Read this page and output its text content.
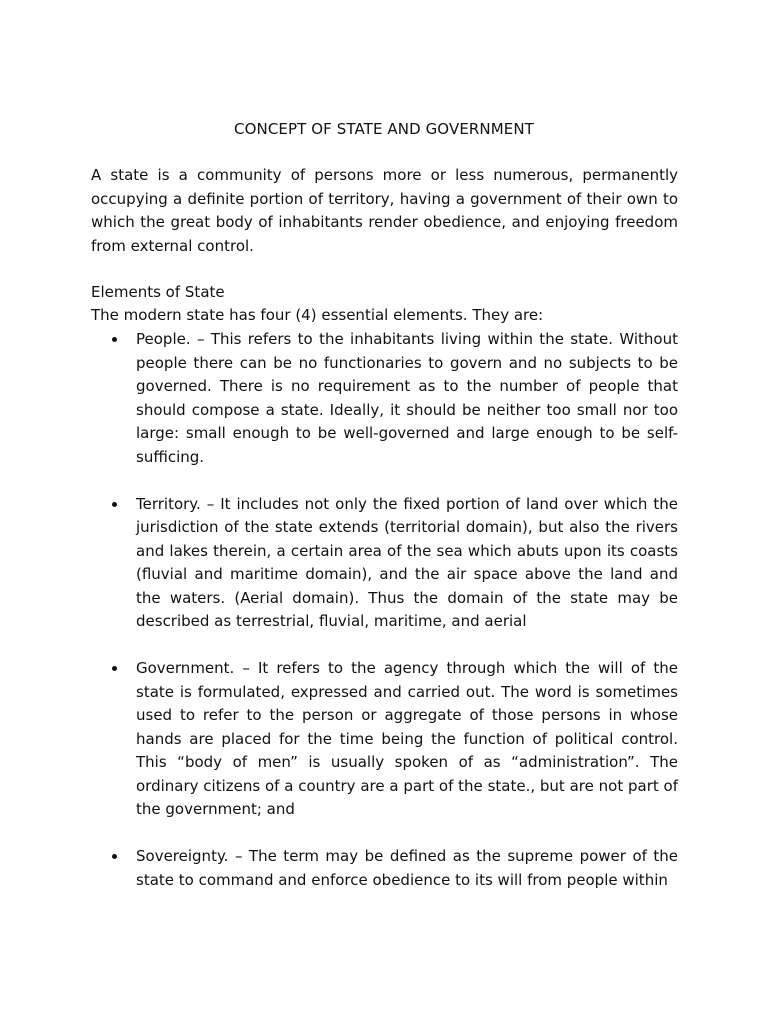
CONCEPT OF STATE AND GOVERNMENT

A state is a community of persons more or less numerous, permanently occupying a definite portion of territory, having a government of their own to which the great body of inhabitants render obedience, and enjoying freedom from external control.

Elements of State

The modern state has four (4) essential elements. They are:

People. – This refers to the inhabitants living within the state. Without people there can be no functionaries to govern and no subjects to be governed. There is no requirement as to the number of people that should compose a state. Ideally, it should be neither too small nor too large: small enough to be well-governed and large enough to be self-sufficing.
Territory. – It includes not only the fixed portion of land over which the jurisdiction of the state extends (territorial domain), but also the rivers and lakes therein, a certain area of the sea which abuts upon its coasts (fluvial and maritime domain), and the air space above the land and the waters. (Aerial domain). Thus the domain of the state may be described as terrestrial, fluvial, maritime, and aerial
Government. – It refers to the agency through which the will of the state is formulated, expressed and carried out. The word is sometimes used to refer to the person or aggregate of those persons in whose hands are placed for the time being the function of political control. This “body of men” is usually spoken of as “administration”. The ordinary citizens of a country are a part of the state., but are not part of the government; and
Sovereignty. – The term may be defined as the supreme power of the state to command and enforce obedience to its will from people within
